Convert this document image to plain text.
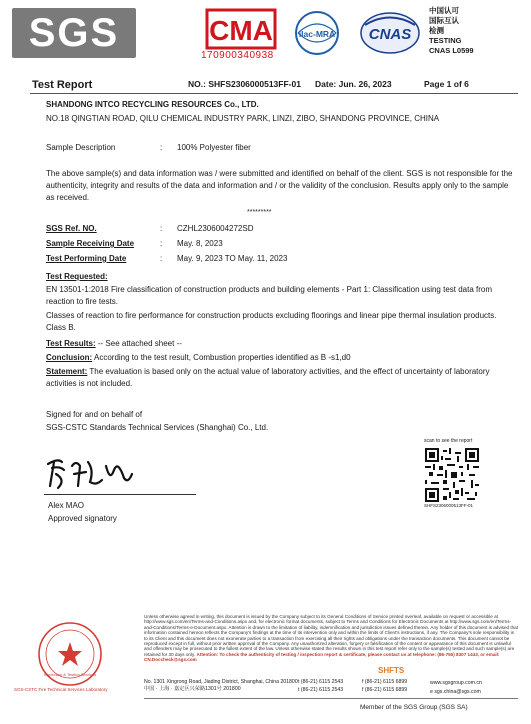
SGS	CMA
170900340938
ilac-MRA CNAS
中国认可
国际互认
检测
TESTING
CNAS L0599
Test Report	NO.: SHFS2306000513FF-01 Date: Jun. 26, 2023	Page 1 of 6
SHANDONG INTCO RECYCLING RESOURCES Co., LTD.
NO.18 QINGTIAN ROAD, QILU CHEMICAL INDUSTRY PARK, LINZI, ZIBO, SHANDONG PROVINCE, CHINA
Sample Description	: 100% Polyester fiber
The above sample(s) and data information was / were submitted and identified on behalf of the client. SGS is not responsible for the authenticity, integrity and results of the data and information and / or the validity of the conclusion. Results apply only to the sample as received.
*********
SGS Ref. NO.	: CZHL2306004272SD
Sample Receiving Date	: May. 8, 2023
Test Performing Date	: May. 9, 2023 TO May. 11, 2023
Test Requested:
EN 13501-1:2018 Fire classification of construction products and building elements - Part 1: Classification using test data from reaction to fire tests.
Classes of reaction to fire performance for construction products excluding floorings and linear pipe thermal insulation products. Class B.
Test Results: -- See attached sheet --
Conclusion: According to the test result, Combustion properties identified as B -s1,d0
Statement: The evaluation is based only on the actual value of laboratory activities, and the effect of uncertainty of laboratory activities is not included.
Signed for and on behalf of
SGS-CSTC Standards Technical Services (Shanghai) Co., Ltd.
Alex MAO
Approved signatory
scan to see the report
SHFS2306000513FF-01
Inspection & Testing Services
SGS-CSTC Fire Technical Services Laboratory
Unless otherwise agreed in writing, this document is issued by the Company subject to its General Conditions of Service printed overleaf, available on request or accessible at http://www.sgs.com/en/Terms-and-Conditions.aspx and, for electronic format documents, subject to Terms and Conditions for Electronic Documents at http://www.sgs.com/en/Terms-and-Conditions/Terms-e-Document.aspx. Attention is drawn to the limitation of liability, indemnification and jurisdiction issues defined therein. Any holder of this document is advised that information contained hereon reflects the Company's findings at the time of its intervention only and within the limits of Client's instructions, if any. The Company's sole responsibility is to its Client and this document does not exonerate parties to a transaction from exercising all their rights and obligations under the transaction documents. This document cannot be reproduced except in full, without prior written approval of the Company. Any unauthorized alteration, forgery or falsification of the content or appearance of this document is unlawful and offenders may be prosecuted to the fullest extent of the law. Unless otherwise stated the results shown in this test report refer only to the sample(s) tested and such sample(s) are retained for 30 days only. Attention: To check the authenticity of testing / inspection report & certificate, please contact us at telephone: (86-755) 8307 1443, or email: CN.Doccheck@sgs.com
SHFTS
No. 1301 Xingrong Road, Jiading District, Shanghai, China 201800
中国 · 上海 · 嘉定区兴荣路1301号 201800
t (86-21) 6115 2543
t (86-21) 6115 2543
f (86-21) 6115 6899
f (86-21) 6115 6899
www.sgsgroup.com.cn
e sgs.china@sgs.com
Member of the SGS Group (SGS SA)
